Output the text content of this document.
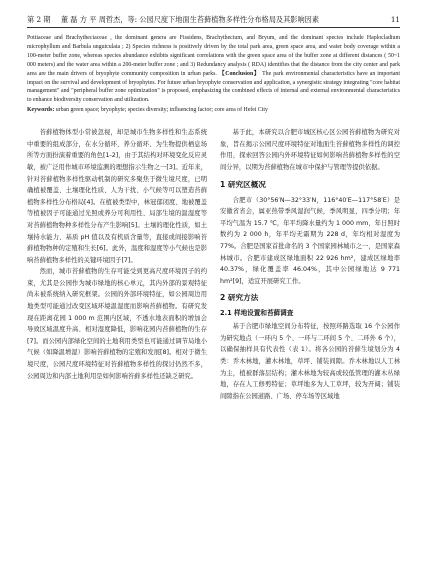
第 2 期 董 磊 方 平 周哲杰，等: 公园尺度下地面生苔藓植物多样性分布格局及其影响因素	11

Pottiaceae and Brachytheciaceae , the dominant genera are Fissidens, Brachythecium, and Bryum, and the dominant species include Haplocladium microphyllum and Barbula unguiculata ; 2) Species richness is positively driven by the total park area, green space area, and water body coverage within a 100-meter buffer zone, whereas species abundance exhibits significant correlations with the green space area of the buffer zone at different distances ( 50~1 000 meters) and the water area within a 200-meter buffer zone ; and 3) Redundancy analysis ( RDA) identifies that the distance from the city center and park area are the main drivers of bryophyte community composition in urban parks. 【Conclusion】 The park environmental characteristics have an important impact on the survival and development of bryophytes. For future urban bryophyte conservation and application, a synergistic strategy integrating "core habitat management" and "peripheral buffer zone optimization" is proposed, emphasizing the combined effects of internal and external environmental characteristics to enhance biodiversity conservation and utilization.

Keywords: urban green space; bryophyte; species diversity; influencing factor; core area of Hefei City

苔藓植物体型小常被忽视，却是城市生物多样性和生态系统中重要的组成部分，在水分循环、养分循环、为生物提供栖息场所等方面扮演着重要的角色[1-2]，由于其结构对环境变化反应灵敏，被广泛用作城市环境监测的理想指示生物之一[3]。近年来，针对苔藓植物多样性驱动机制的研究多聚焦于微生境尺度，已明确植被覆盖、土壤理化性质、人为干扰、小气候等可以塑造苔藓植物多样性分布格局[4]。在植被类型中，林冠郁闭度、地被覆盖等植被因子可能通过光照或养分可利用性、局部生境的温湿度等对苔藓植物物种多样性分布产生影响[5]。土壤的理化性质，如土壤持水能力、基质 pH 值以及有机质含量等，直接或间接影响苔藓植物物种的定殖和生长[6]。此外，温度和湿度等小气候也是影响苔藓植物多样性的关键环境因子[7]。

然而，城市苔藓植物的生存可能受到更高尺度环境因子的约束，尤其是公园作为城市绿地的核心单元，其内外部的景观特征尚未被系统纳入研究框架。公园的外部环境特征，如公园周边用地类型可能通过改变区域环境温湿度而影响苔藓植物。有研究发现在距离花园 1 000 m 范围内区域，不透水地表面积的增加会导致区域温度升高、相对湿度降低，影响花园内苔藓植物的生存[7]。而公园内部绿化空间的土地利用类型也可能通过调节局地小气候（如降温增湿）影响苔藓植物的定殖和发展[8]。相对于微生境尺度，公园尺度环境特征对苔藓植物多样性的探讨仍然不多，公园周边和内部土地利用是如何影响苔藓多样性还缺乏研究。

基于此，本研究以合肥市城区核心区公园苔藓植物为研究对象，旨在揭示公园尺度环境特征对地面生苔藓植物多样性的调控作用，探索回答公园内外环境特征如何影响苔藓植物多样性的空间分异，以期为苔藓植物在城市中保护与管理等提供依据。

1 研究区概况

合肥市（30°56′N—32°33′N，116°40′E—117°58′E）是安徽省省会，属亚热带季风湿润气候，季风明显，四季分明；年平均气温为 15.7 ℃，年平均降水量约为 1 000 mm，年日照时数约为 2 000 h，年平均无霜期为 228 d，年均相对湿度为 77%。合肥是国家首批命名的 3 个国家园林城市之一，是国家森林城市。合肥市建成区绿地面积 22 926 hm²，建成区绿地率 40.37%，绿化覆盖率 46.04%，其中公园绿地达 9 771 hm²[9]，适宜开展研究工作。

2 研究方法
2.1 样地设置和苔藓调查

基于合肥市绿地空间分布特征，按照环路选取 16 个公园作为研究地点（一环内 5 个、一环与二环间 5 个、二环外 6 个），以确保抽样具有代表性（表 1）。将各公园的苔藓生境划分为 4 类：乔木林地，灌木林地，草坪、铺装间隙。乔木林地以人工林为主，植被群落层结构；灌木林地为较高或较低管理的灌木丛绿地，存在人工修剪特征；草坪地多为人工草坪，较为开阔；铺装间隙指在公园道路、广场、停车场等区域地
